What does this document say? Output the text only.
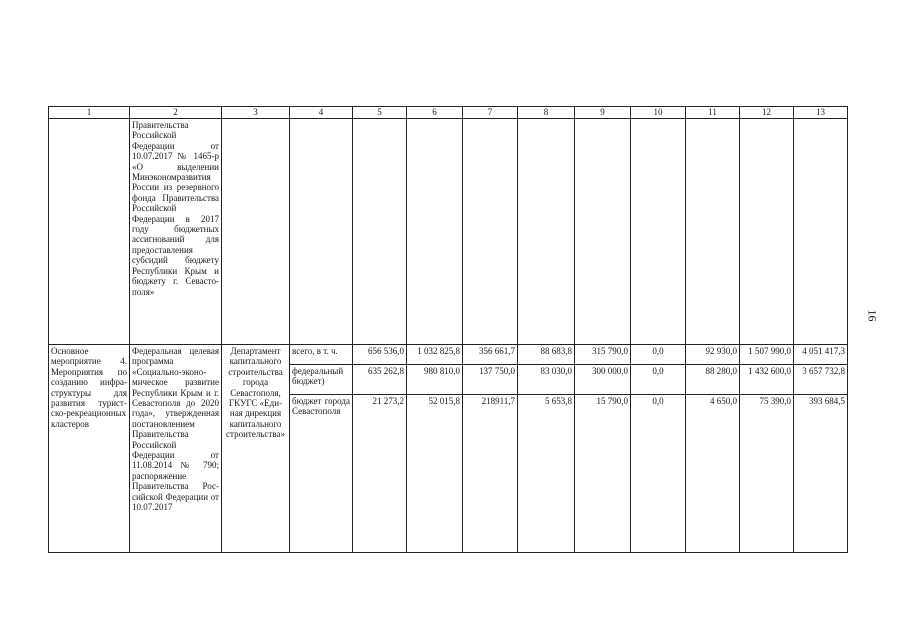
1	2	3	4	5	6	7	8	9	10	11	12	13
	Правительства Российской Федерации от 10.07.2017 № 1465-р «О выделении Минэкономразвития России из резервного фонда Правительства Российской Федерации в 2017 году бюджетных ассигнований для предоставления субсидий бюджету Республики Крым и бюджету г. Севастополя»											
Основное мероприятие 4. Мероприятия по созданию инфраструктуры для развития туристско-рекреационных кластеров	Федеральная целевая программа «Социально-экономическое развитие Республики Крым и г. Севастополя до 2020 года», утвержденная постановлением Правительства Российской Федерации от 11.08.2014 № 790; распоряжение Правительства Российской Федерации от 10.07.2017	Департамент капитального строительства города Севастополя, ГКУГС «Единая дирекция капитального строительства»	всего, в т. ч.	656 536,0	1 032 825,8	356 661,7	88 683,8	315 790,0	0,0	92 930,0	1 507 990,0	4 051 417,3
			федеральный бюджет)	635 262,8	980 810,0	137 750,0	83 030,0	300 000,0	0,0	88 280,0	1 432 600,0	3 657 732,8
			бюджет города Севастополя	21 273,2	52 015,8	218911,7	5 653,8	15 790,0	0,0	4 650,0	75 390,0	393 684,5
16
